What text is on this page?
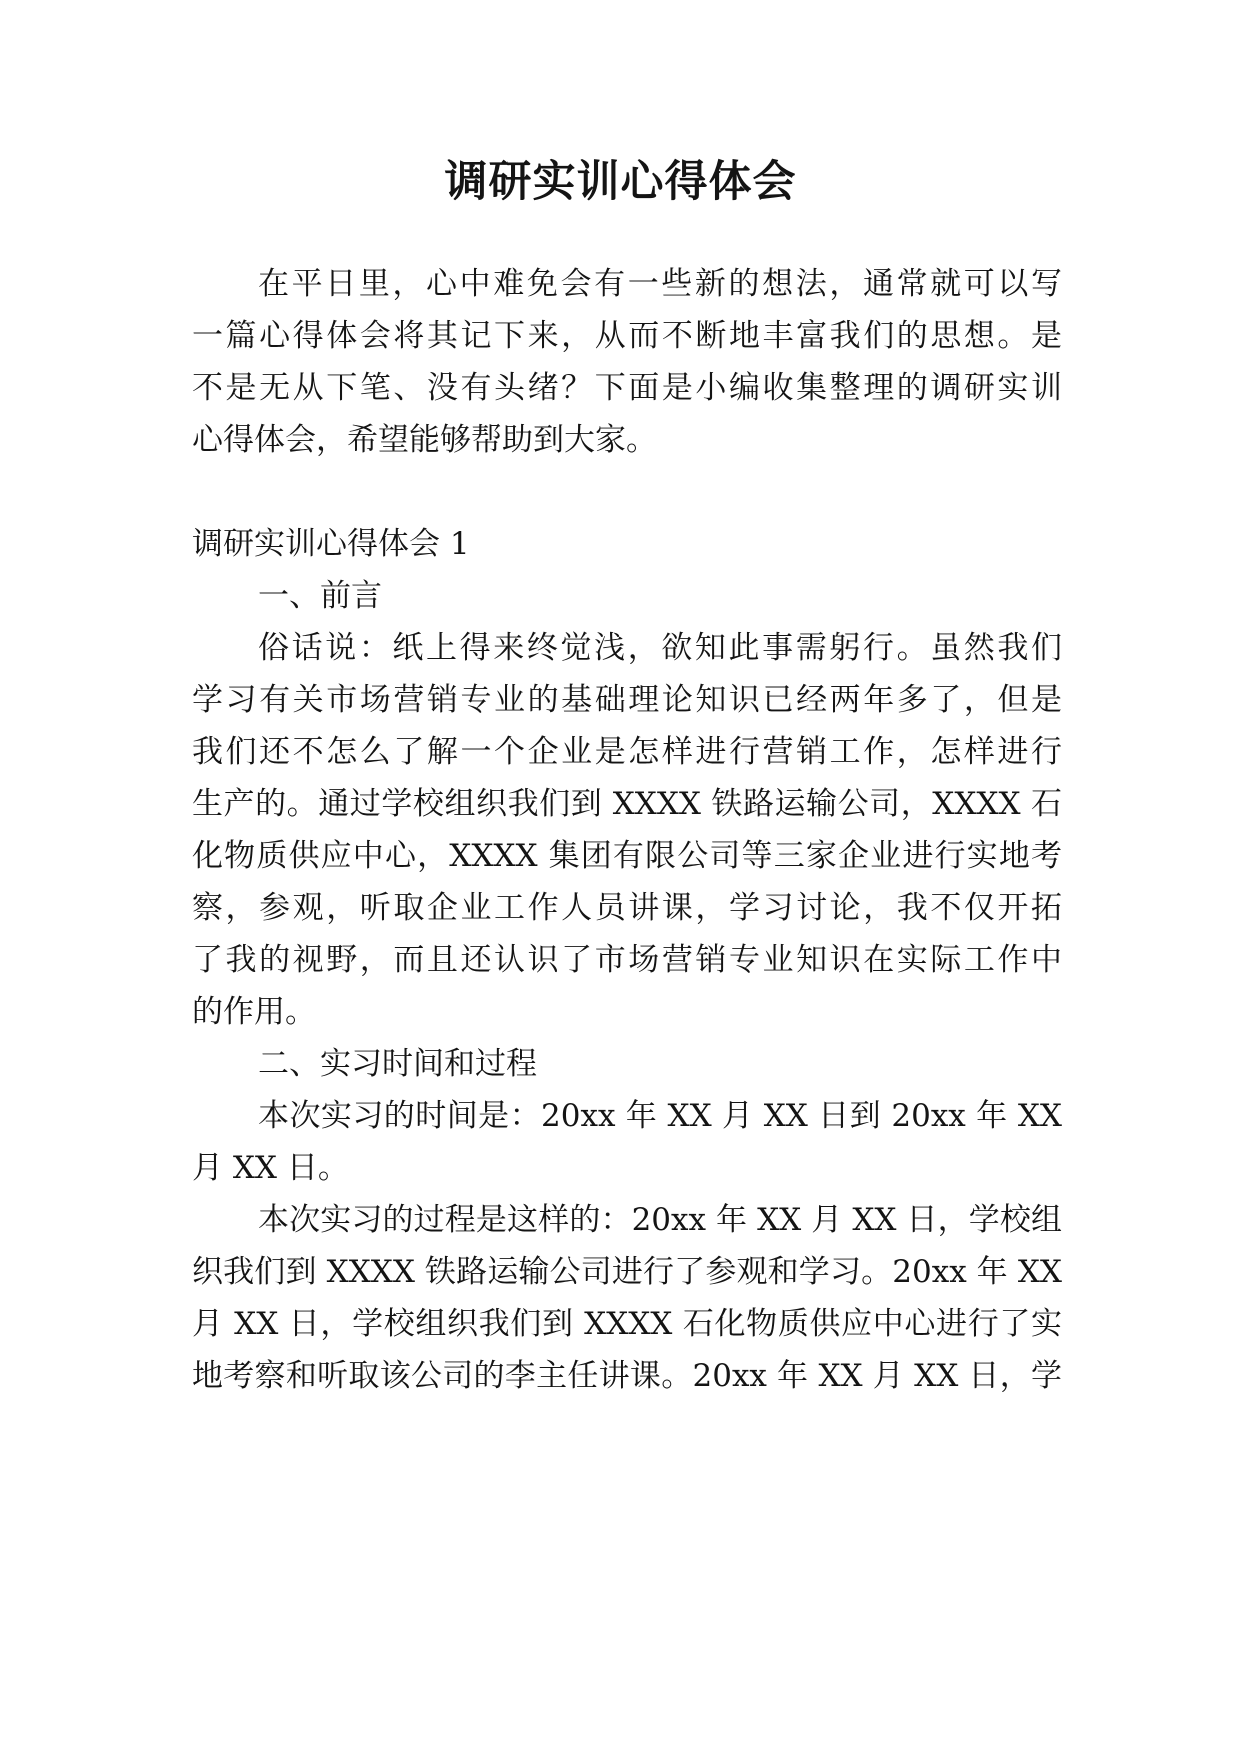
调研实训心得体会

在平日里，心中难免会有一些新的想法，通常就可以写

一篇心得体会将其记下来，从而不断地丰富我们的思想。是

不是无从下笔、没有头绪？下面是小编收集整理的调研实训

心得体会，希望能够帮助到大家。

调研实训心得体会 1

一、前言

俗话说：纸上得来终觉浅，欲知此事需躬行。虽然我们

学习有关市场营销专业的基础理论知识已经两年多了，但是

我们还不怎么了解一个企业是怎样进行营销工作，怎样进行

生产的。通过学校组织我们到 XXXX 铁路运输公司，XXXX 石

化物质供应中心，XXXX 集团有限公司等三家企业进行实地考

察，参观，听取企业工作人员讲课，学习讨论，我不仅开拓

了我的视野，而且还认识了市场营销专业知识在实际工作中

的作用。

二、实习时间和过程

本次实习的时间是：20xx 年 XX 月 XX 日到 20xx 年 XX

月 XX 日。

本次实习的过程是这样的：20xx 年 XX 月 XX 日，学校组

织我们到 XXXX 铁路运输公司进行了参观和学习。20xx 年 XX

月 XX 日，学校组织我们到 XXXX 石化物质供应中心进行了实

地考察和听取该公司的李主任讲课。20xx 年 XX 月 XX 日，学
